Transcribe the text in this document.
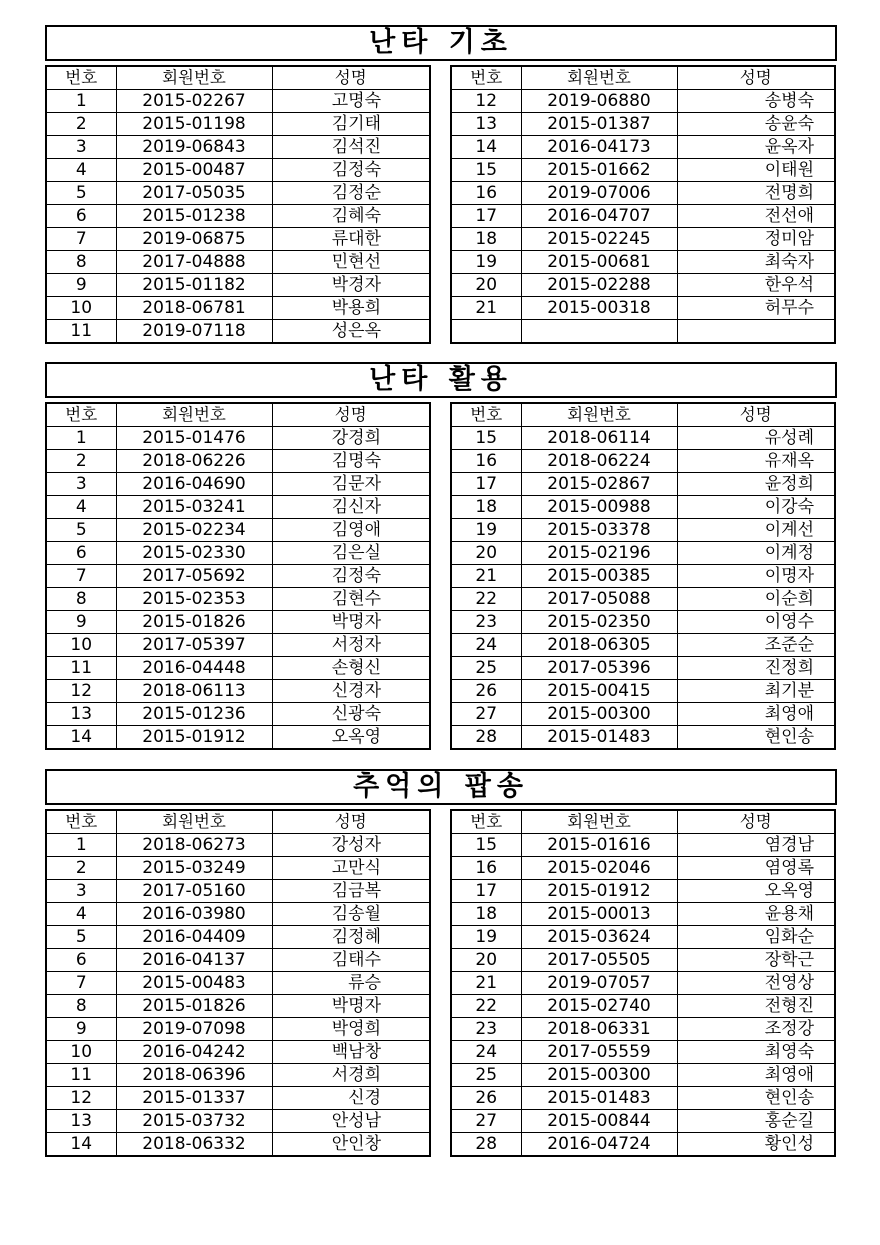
난타 기초
번호	회원번호	성명
1	2015-02267	고명숙
2	2015-01198	김기태
3	2019-06843	김석진
4	2015-00487	김정숙
5	2017-05035	김정순
6	2015-01238	김혜숙
7	2019-06875	류대한
8	2017-04888	민현선
9	2015-01182	박경자
10	2018-06781	박용희
11	2019-07118	성은옥
번호	회원번호	성명
12	2019-06880	송병숙
13	2015-01387	송윤숙
14	2016-04173	윤옥자
15	2015-01662	이태원
16	2019-07006	전명희
17	2016-04707	전선애
18	2015-02245	정미암
19	2015-00681	최숙자
20	2015-02288	한우석
21	2015-00318	허무수

난타 활용
번호	회원번호	성명
1	2015-01476	강경희
2	2018-06226	김명숙
3	2016-04690	김문자
4	2015-03241	김신자
5	2015-02234	김영애
6	2015-02330	김은실
7	2017-05692	김정숙
8	2015-02353	김현수
9	2015-01826	박명자
10	2017-05397	서정자
11	2016-04448	손형신
12	2018-06113	신경자
13	2015-01236	신광숙
14	2015-01912	오옥영
번호	회원번호	성명
15	2018-06114	유성례
16	2018-06224	유재옥
17	2015-02867	윤정희
18	2015-00988	이강숙
19	2015-03378	이계선
20	2015-02196	이계정
21	2015-00385	이명자
22	2017-05088	이순희
23	2015-02350	이영수
24	2018-06305	조준순
25	2017-05396	진정희
26	2015-00415	최기분
27	2015-00300	최영애
28	2015-01483	현인송
추억의 팝송
번호	회원번호	성명
1	2018-06273	강성자
2	2015-03249	고만식
3	2017-05160	김금복
4	2016-03980	김송월
5	2016-04409	김정혜
6	2016-04137	김태수
7	2015-00483	류승
8	2015-01826	박명자
9	2019-07098	박영희
10	2016-04242	백남창
11	2018-06396	서경희
12	2015-01337	신경
13	2015-03732	안성남
14	2018-06332	안인창
번호	회원번호	성명
15	2015-01616	염경남
16	2015-02046	염영록
17	2015-01912	오옥영
18	2015-00013	윤용채
19	2015-03624	임화순
20	2017-05505	장학근
21	2019-07057	전영상
22	2015-02740	전형진
23	2018-06331	조정강
24	2017-05559	최영숙
25	2015-00300	최영애
26	2015-01483	현인송
27	2015-00844	홍순길
28	2016-04724	황인성
